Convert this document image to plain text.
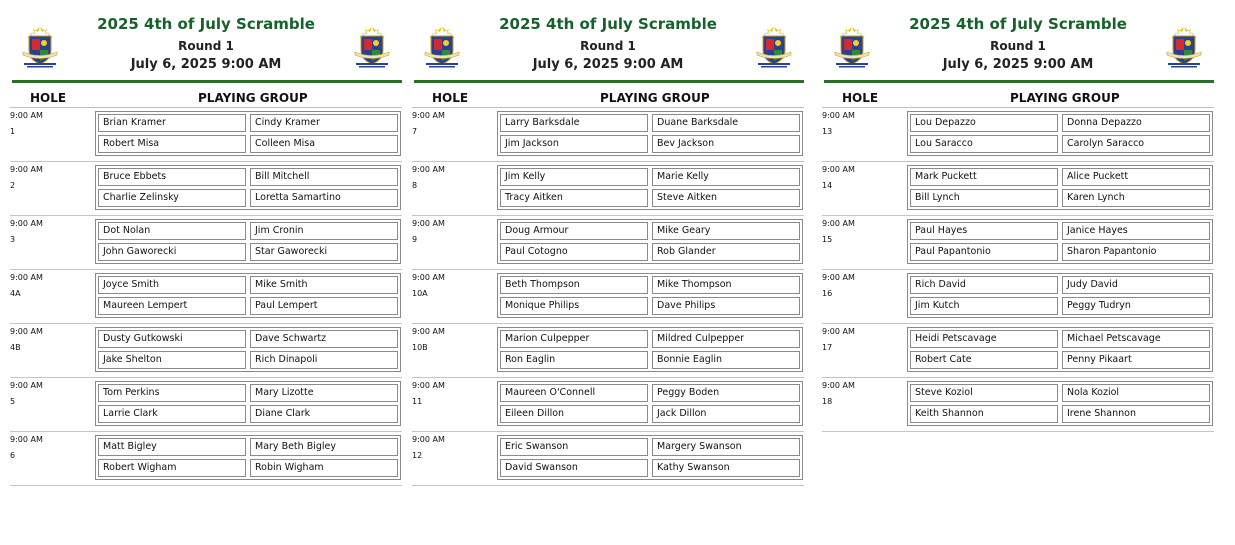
2025 4th of July Scramble
Round 1
July 6, 2025 9:00 AM
HOLE	PLAYING GROUP
9:00 AM
1
Brian Kramer	Cindy Kramer
Robert Misa	Colleen Misa
9:00 AM
2
Bruce Ebbets	Bill Mitchell
Charlie Zelinsky	Loretta Samartino
9:00 AM
3
Dot Nolan	Jim Cronin
John Gaworecki	Star Gaworecki
9:00 AM
4A
Joyce Smith	Mike Smith
Maureen Lempert	Paul Lempert
9:00 AM
4B
Dusty Gutkowski	Dave Schwartz
Jake Shelton	Rich Dinapoli
9:00 AM
5
Tom Perkins	Mary Lizotte
Larrie Clark	Diane Clark
9:00 AM
6
Matt Bigley	Mary Beth Bigley
Robert Wigham	Robin Wigham
2025 4th of July Scramble
Round 1
July 6, 2025 9:00 AM
HOLE	PLAYING GROUP
9:00 AM
7
Larry Barksdale	Duane Barksdale
Jim Jackson	Bev Jackson
9:00 AM
8
Jim Kelly	Marie Kelly
Tracy Aitken	Steve Aitken
9:00 AM
9
Doug Armour	Mike Geary
Paul Cotogno	Rob Glander
9:00 AM
10A
Beth Thompson	Mike Thompson
Monique Philips	Dave Philips
9:00 AM
10B
Marion Culpepper	Mildred Culpepper
Ron Eaglin	Bonnie Eaglin
9:00 AM
11
Maureen O'Connell	Peggy Boden
Eileen Dillon	Jack Dillon
9:00 AM
12
Eric Swanson	Margery Swanson
David Swanson	Kathy Swanson
2025 4th of July Scramble
Round 1
July 6, 2025 9:00 AM
HOLE	PLAYING GROUP
9:00 AM
13
Lou Depazzo	Donna Depazzo
Lou Saracco	Carolyn Saracco
9:00 AM
14
Mark Puckett	Alice Puckett
Bill Lynch	Karen Lynch
9:00 AM
15
Paul Hayes	Janice Hayes
Paul Papantonio	Sharon Papantonio
9:00 AM
16
Rich David	Judy David
Jim Kutch	Peggy Tudryn
9:00 AM
17
Heidi Petscavage	Michael Petscavage
Robert Cate	Penny Pikaart
9:00 AM
18
Steve Koziol	Nola Koziol
Keith Shannon	Irene Shannon
